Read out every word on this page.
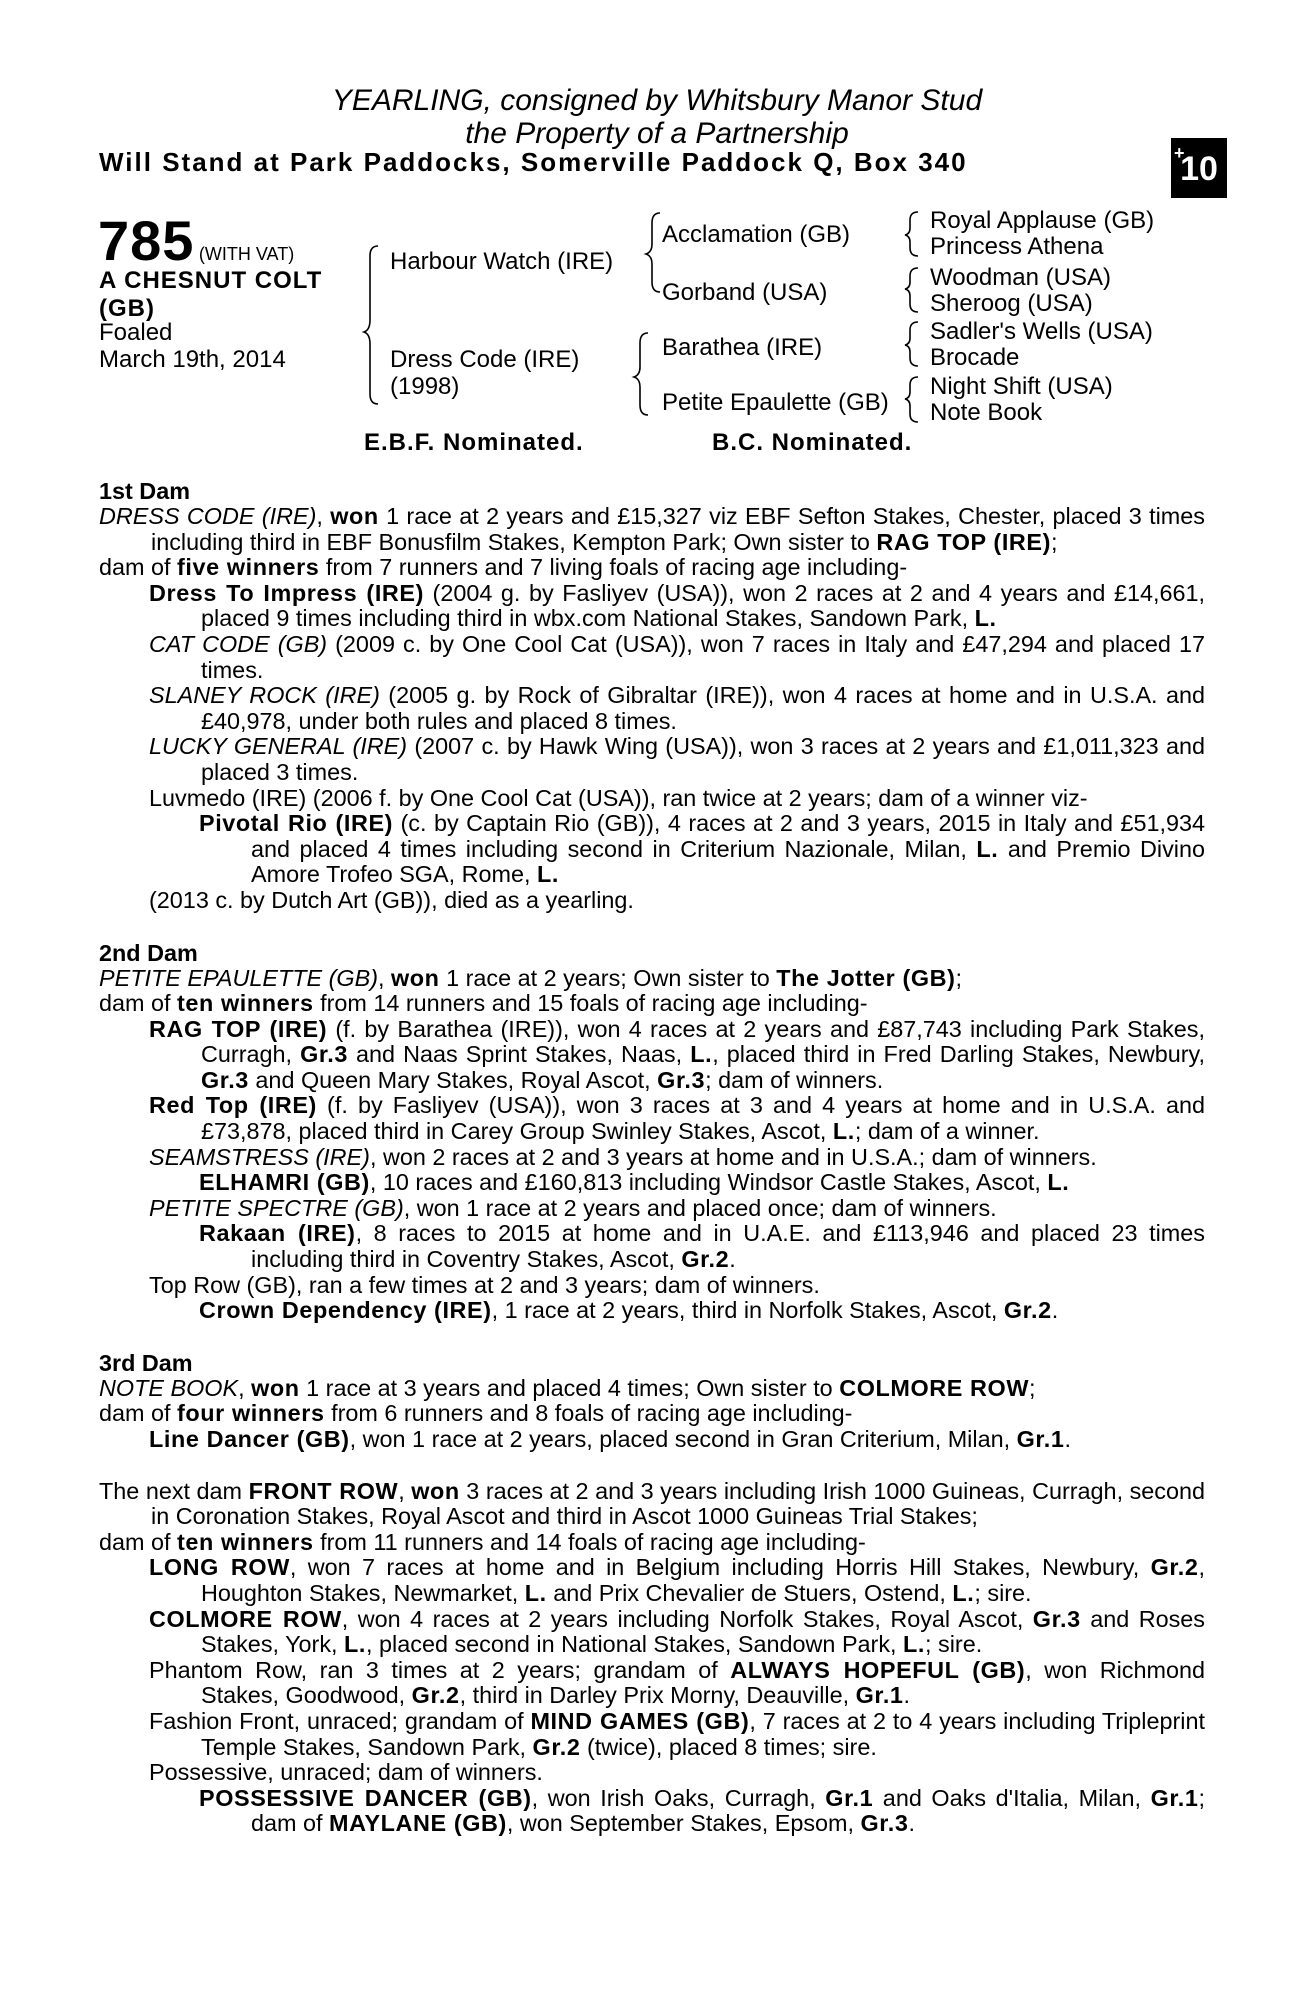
YEARLING, consigned by Whitsbury Manor Stud
the Property of a Partnership
Will Stand at Park Paddocks, Somerville Paddock Q, Box 340	+
10
785 (WITH VAT)
A CHESNUT COLT
(GB)
Foaled
March 19th, 2014
Harbour Watch (IRE)
Dress Code (IRE)
(1998)
Acclamation (GB)
Gorband (USA)
Barathea (IRE)
Petite Epaulette (GB)
Royal Applause (GB)
Princess Athena
Woodman (USA)
Sheroog (USA)
Sadler's Wells (USA)
Brocade
Night Shift (USA)
Note Book
E.B.F. Nominated.	B.C. Nominated.
1st Dam

DRESS CODE (IRE), won 1 race at 2 years and £15,327 viz EBF Sefton Stakes, Chester, placed 3 times including third in EBF Bonusfilm Stakes, Kempton Park; Own sister to RAG TOP (IRE);

dam of five winners from 7 runners and 7 living foals of racing age including-

Dress To Impress (IRE) (2004 g. by Fasliyev (USA)), won 2 races at 2 and 4 years and £14,661, placed 9 times including third in wbx.com National Stakes, Sandown Park, L.

CAT CODE (GB) (2009 c. by One Cool Cat (USA)), won 7 races in Italy and £47,294 and placed 17 times.

SLANEY ROCK (IRE) (2005 g. by Rock of Gibraltar (IRE)), won 4 races at home and in U.S.A. and £40,978, under both rules and placed 8 times.

LUCKY GENERAL (IRE) (2007 c. by Hawk Wing (USA)), won 3 races at 2 years and £1,011,323 and placed 3 times.

Luvmedo (IRE) (2006 f. by One Cool Cat (USA)), ran twice at 2 years; dam of a winner viz-

Pivotal Rio (IRE) (c. by Captain Rio (GB)), 4 races at 2 and 3 years, 2015 in Italy and £51,934 and placed 4 times including second in Criterium Nazionale, Milan, L. and Premio Divino Amore Trofeo SGA, Rome, L.

(2013 c. by Dutch Art (GB)), died as a yearling.

2nd Dam

PETITE EPAULETTE (GB), won 1 race at 2 years; Own sister to The Jotter (GB);

dam of ten winners from 14 runners and 15 foals of racing age including-

RAG TOP (IRE) (f. by Barathea (IRE)), won 4 races at 2 years and £87,743 including Park Stakes, Curragh, Gr.3 and Naas Sprint Stakes, Naas, L., placed third in Fred Darling Stakes, Newbury, Gr.3 and Queen Mary Stakes, Royal Ascot, Gr.3; dam of winners.

Red Top (IRE) (f. by Fasliyev (USA)), won 3 races at 3 and 4 years at home and in U.S.A. and £73,878, placed third in Carey Group Swinley Stakes, Ascot, L.; dam of a winner.

SEAMSTRESS (IRE), won 2 races at 2 and 3 years at home and in U.S.A.; dam of winners.

ELHAMRI (GB), 10 races and £160,813 including Windsor Castle Stakes, Ascot, L.

PETITE SPECTRE (GB), won 1 race at 2 years and placed once; dam of winners.

Rakaan (IRE), 8 races to 2015 at home and in U.A.E. and £113,946 and placed 23 times including third in Coventry Stakes, Ascot, Gr.2.

Top Row (GB), ran a few times at 2 and 3 years; dam of winners.

Crown Dependency (IRE), 1 race at 2 years, third in Norfolk Stakes, Ascot, Gr.2.

3rd Dam

NOTE BOOK, won 1 race at 3 years and placed 4 times; Own sister to COLMORE ROW;

dam of four winners from 6 runners and 8 foals of racing age including-

Line Dancer (GB), won 1 race at 2 years, placed second in Gran Criterium, Milan, Gr.1.

The next dam FRONT ROW, won 3 races at 2 and 3 years including Irish 1000 Guineas, Curragh, second in Coronation Stakes, Royal Ascot and third in Ascot 1000 Guineas Trial Stakes;

dam of ten winners from 11 runners and 14 foals of racing age including-

LONG ROW, won 7 races at home and in Belgium including Horris Hill Stakes, Newbury, Gr.2, Houghton Stakes, Newmarket, L. and Prix Chevalier de Stuers, Ostend, L.; sire.

COLMORE ROW, won 4 races at 2 years including Norfolk Stakes, Royal Ascot, Gr.3 and Roses Stakes, York, L., placed second in National Stakes, Sandown Park, L.; sire.

Phantom Row, ran 3 times at 2 years; grandam of ALWAYS HOPEFUL (GB), won Richmond Stakes, Goodwood, Gr.2, third in Darley Prix Morny, Deauville, Gr.1.

Fashion Front, unraced; grandam of MIND GAMES (GB), 7 races at 2 to 4 years including Tripleprint Temple Stakes, Sandown Park, Gr.2 (twice), placed 8 times; sire.

Possessive, unraced; dam of winners.

POSSESSIVE DANCER (GB), won Irish Oaks, Curragh, Gr.1 and Oaks d'Italia, Milan, Gr.1; dam of MAYLANE (GB), won September Stakes, Epsom, Gr.3.
